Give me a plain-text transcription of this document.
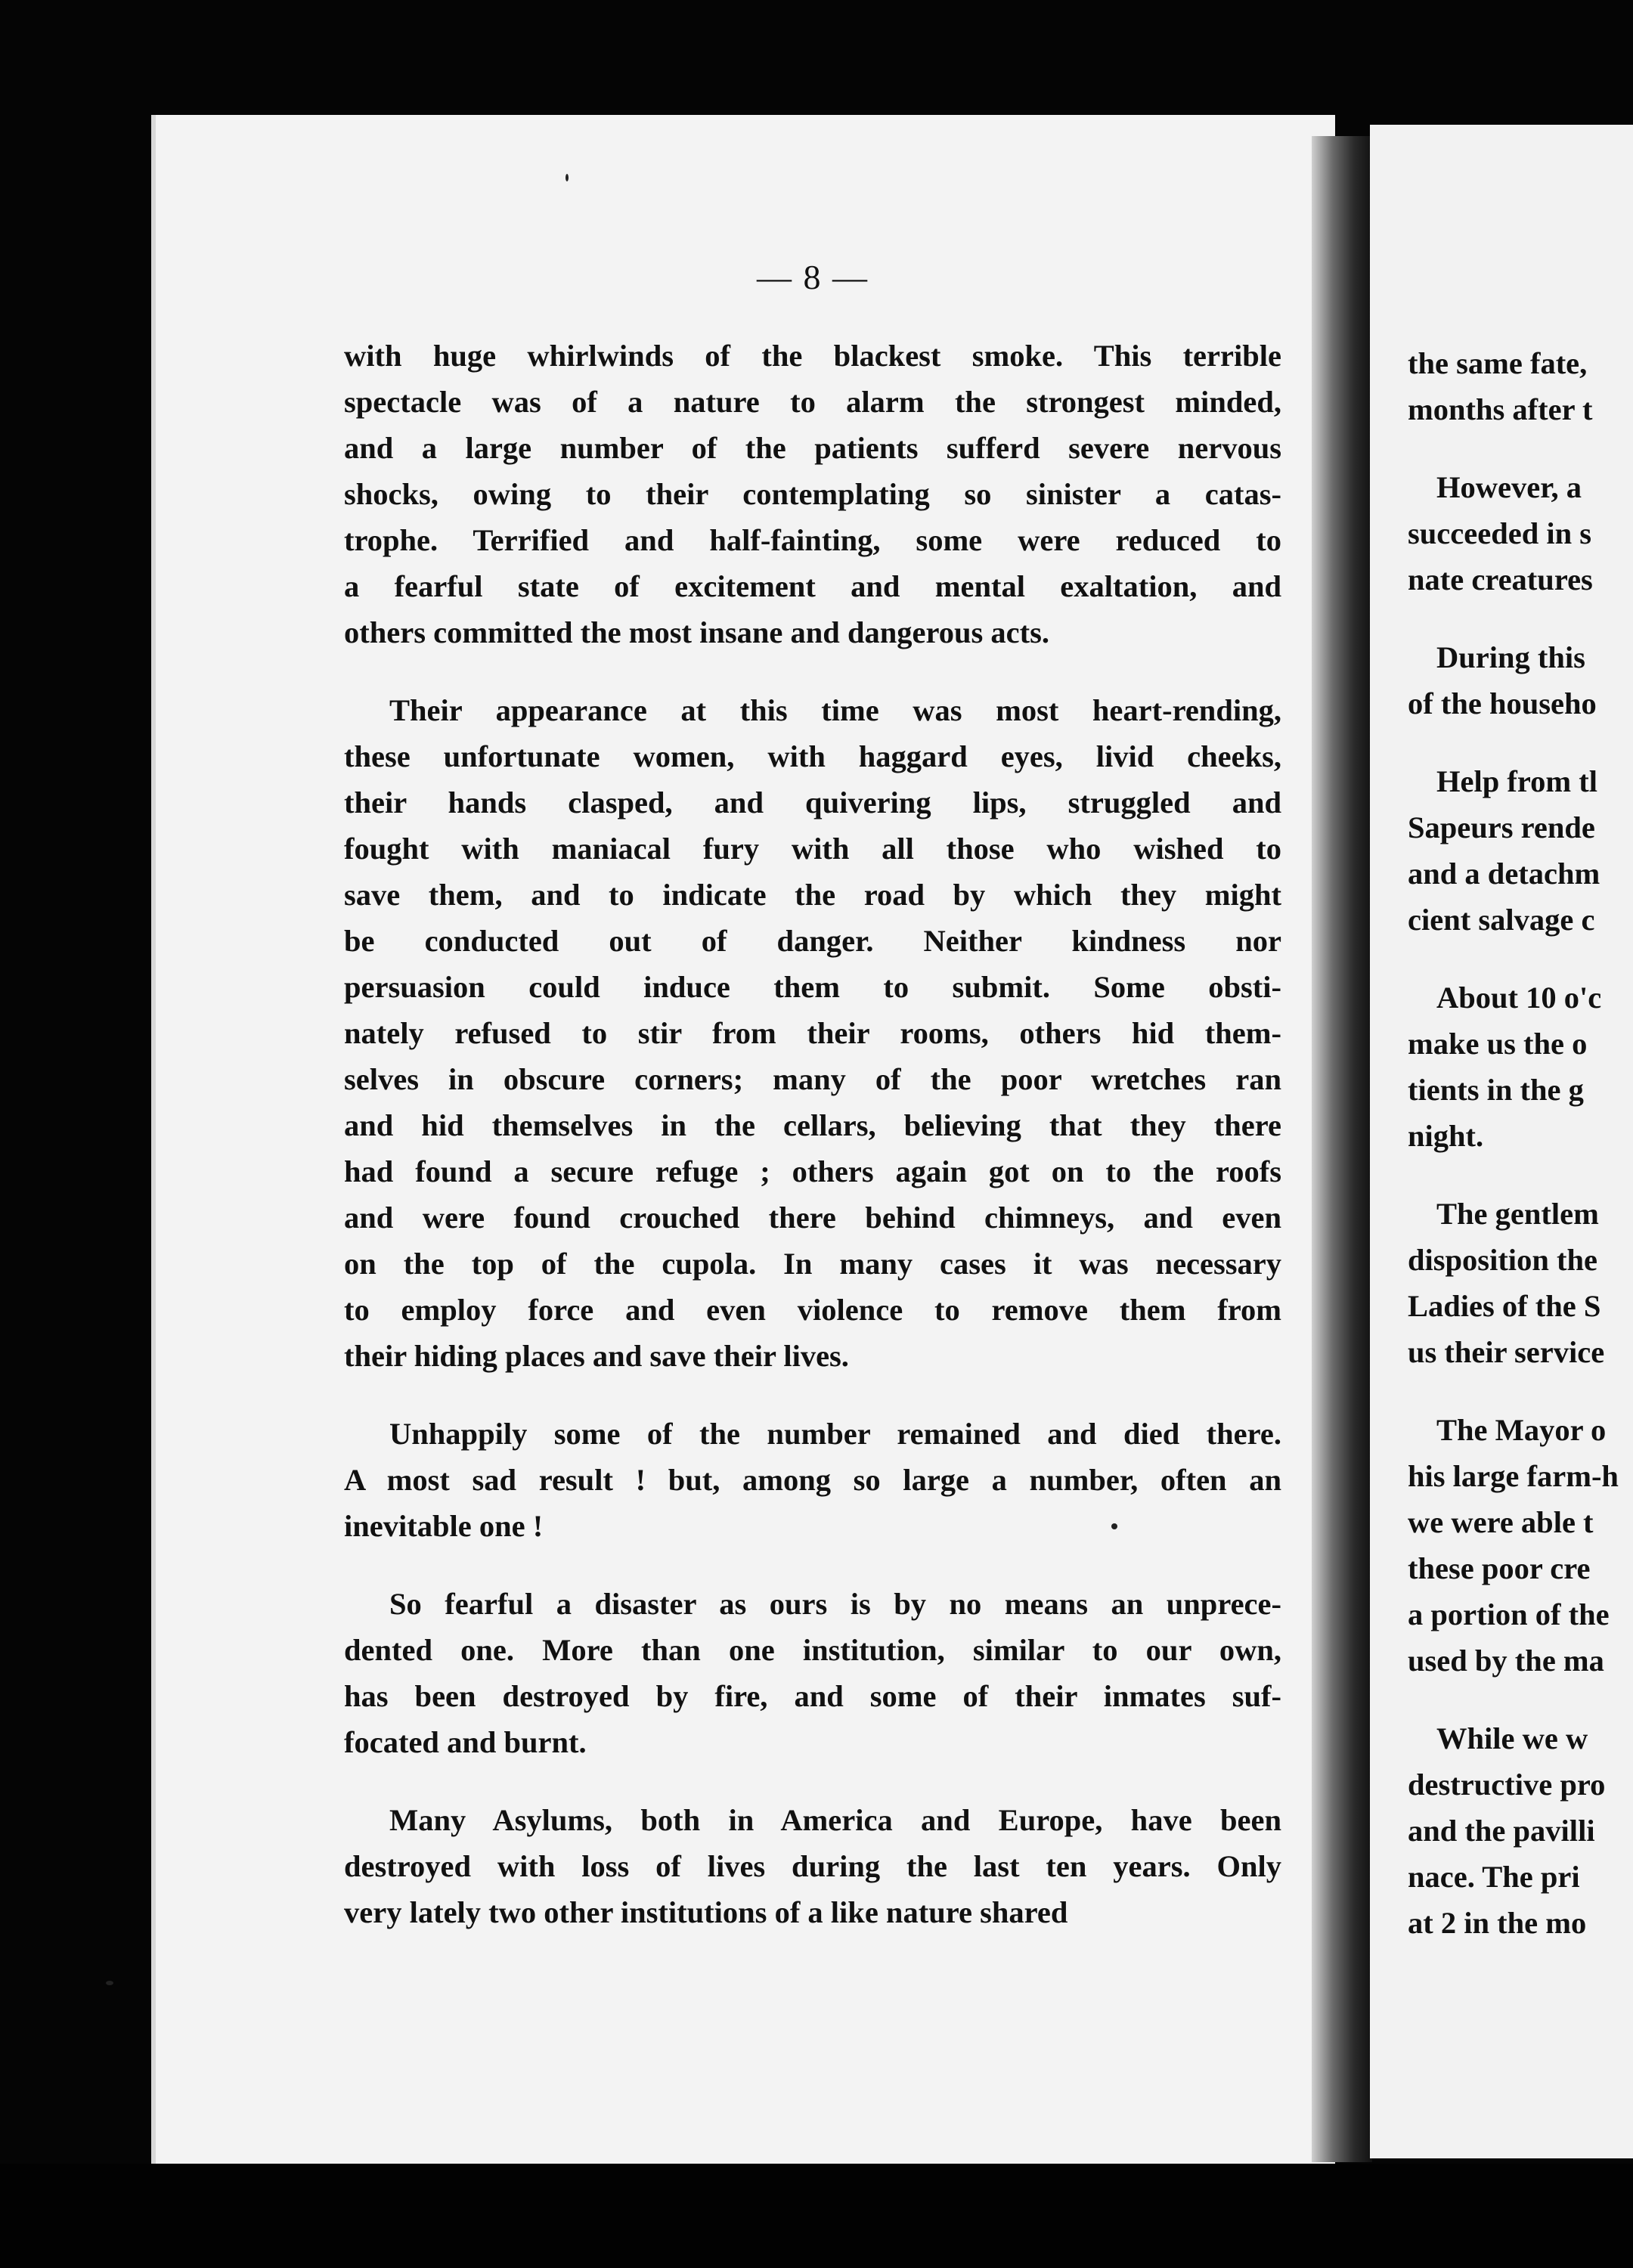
the same fate,
months after t
However, a
succeeded in s
nate creatures
During this
of the househo
Help from tl
Sapeurs rende
and a detachm
cient salvage c
About 10 o'c
make us the o
tients in the g
night.
The gentlem
disposition the
Ladies of the S
us their service
The Mayor o
his large farm-h
we were able t
these poor cre
a portion of the
used by the ma
While we w
destructive pro
and the pavilli
nace. The pri
at 2 in the mo
— 8 —
with huge whirlwinds of the blackest smoke. This terrible
spectacle was of a nature to alarm the strongest minded,
and a large number of the patients sufferd severe nervous
shocks, owing to their contemplating so sinister a catas-
trophe. Terrified and half-fainting, some were reduced to
a fearful state of excitement and mental exaltation, and
others committed the most insane and dangerous acts.
Their appearance at this time was most heart-rending,
these unfortunate women, with haggard eyes, livid cheeks,
their hands clasped, and quivering lips, struggled and
fought with maniacal fury with all those who wished to
save them, and to indicate the road by which they might
be conducted out of danger. Neither kindness nor
persuasion could induce them to submit. Some obsti-
nately refused to stir from their rooms, others hid them-
selves in obscure corners; many of the poor wretches ran
and hid themselves in the cellars, believing that they there
had found a secure refuge ; others again got on to the roofs
and were found crouched there behind chimneys, and even
on the top of the cupola. In many cases it was necessary
to employ force and even violence to remove them from
their hiding places and save their lives.
Unhappily some of the number remained and died there.
A most sad result ! but, among so large a number, often an
inevitable one !
So fearful a disaster as ours is by no means an unprece-
dented one. More than one institution, similar to our own,
has been destroyed by fire, and some of their inmates suf-
focated and burnt.
Many Asylums, both in America and Europe, have been
destroyed with loss of lives during the last ten years. Only
very lately two other institutions of a like nature shared
